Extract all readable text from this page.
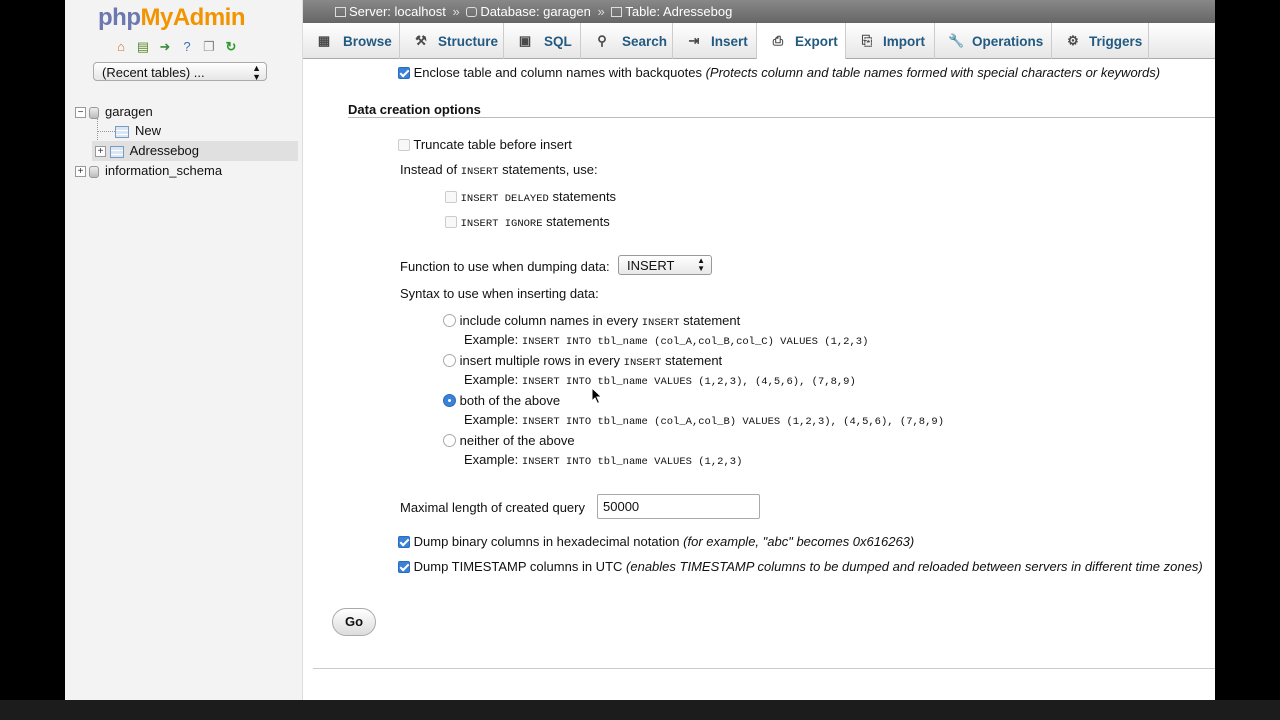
phpMyAdmin
⌂ ▤ ➜ ? ❐ ↻
(Recent tables) ...	▲
▼
− garagen
New
+ Adressebog
+ information_schema
Server: localhost » Database: garagen » Table: Adressebog
▦ Browse	⚒ Structure	▣ SQL	⚲ Search	⇥ Insert	⎙ Export	⎘ Import	🔧 Operations	⚙ Triggers
Enclose table and column names with backquotes (Protects column and table names formed with special characters or keywords)
Data creation options
Truncate table before insert
Instead of INSERT statements, use:
INSERT DELAYED statements
INSERT IGNORE statements
Function to use when dumping data:	INSERT	▲
▼
Syntax to use when inserting data:
include column names in every INSERT statement
Example: INSERT INTO tbl_name (col_A,col_B,col_C) VALUES (1,2,3)
insert multiple rows in every INSERT statement
Example: INSERT INTO tbl_name VALUES (1,2,3), (4,5,6), (7,8,9)
both of the above
Example: INSERT INTO tbl_name (col_A,col_B) VALUES (1,2,3), (4,5,6), (7,8,9)
neither of the above
Example: INSERT INTO tbl_name VALUES (1,2,3)
Maximal length of created query	50000
Dump binary columns in hexadecimal notation (for example, "abc" becomes 0x616263)
Dump TIMESTAMP columns in UTC (enables TIMESTAMP columns to be dumped and reloaded between servers in different time zones)
Go
